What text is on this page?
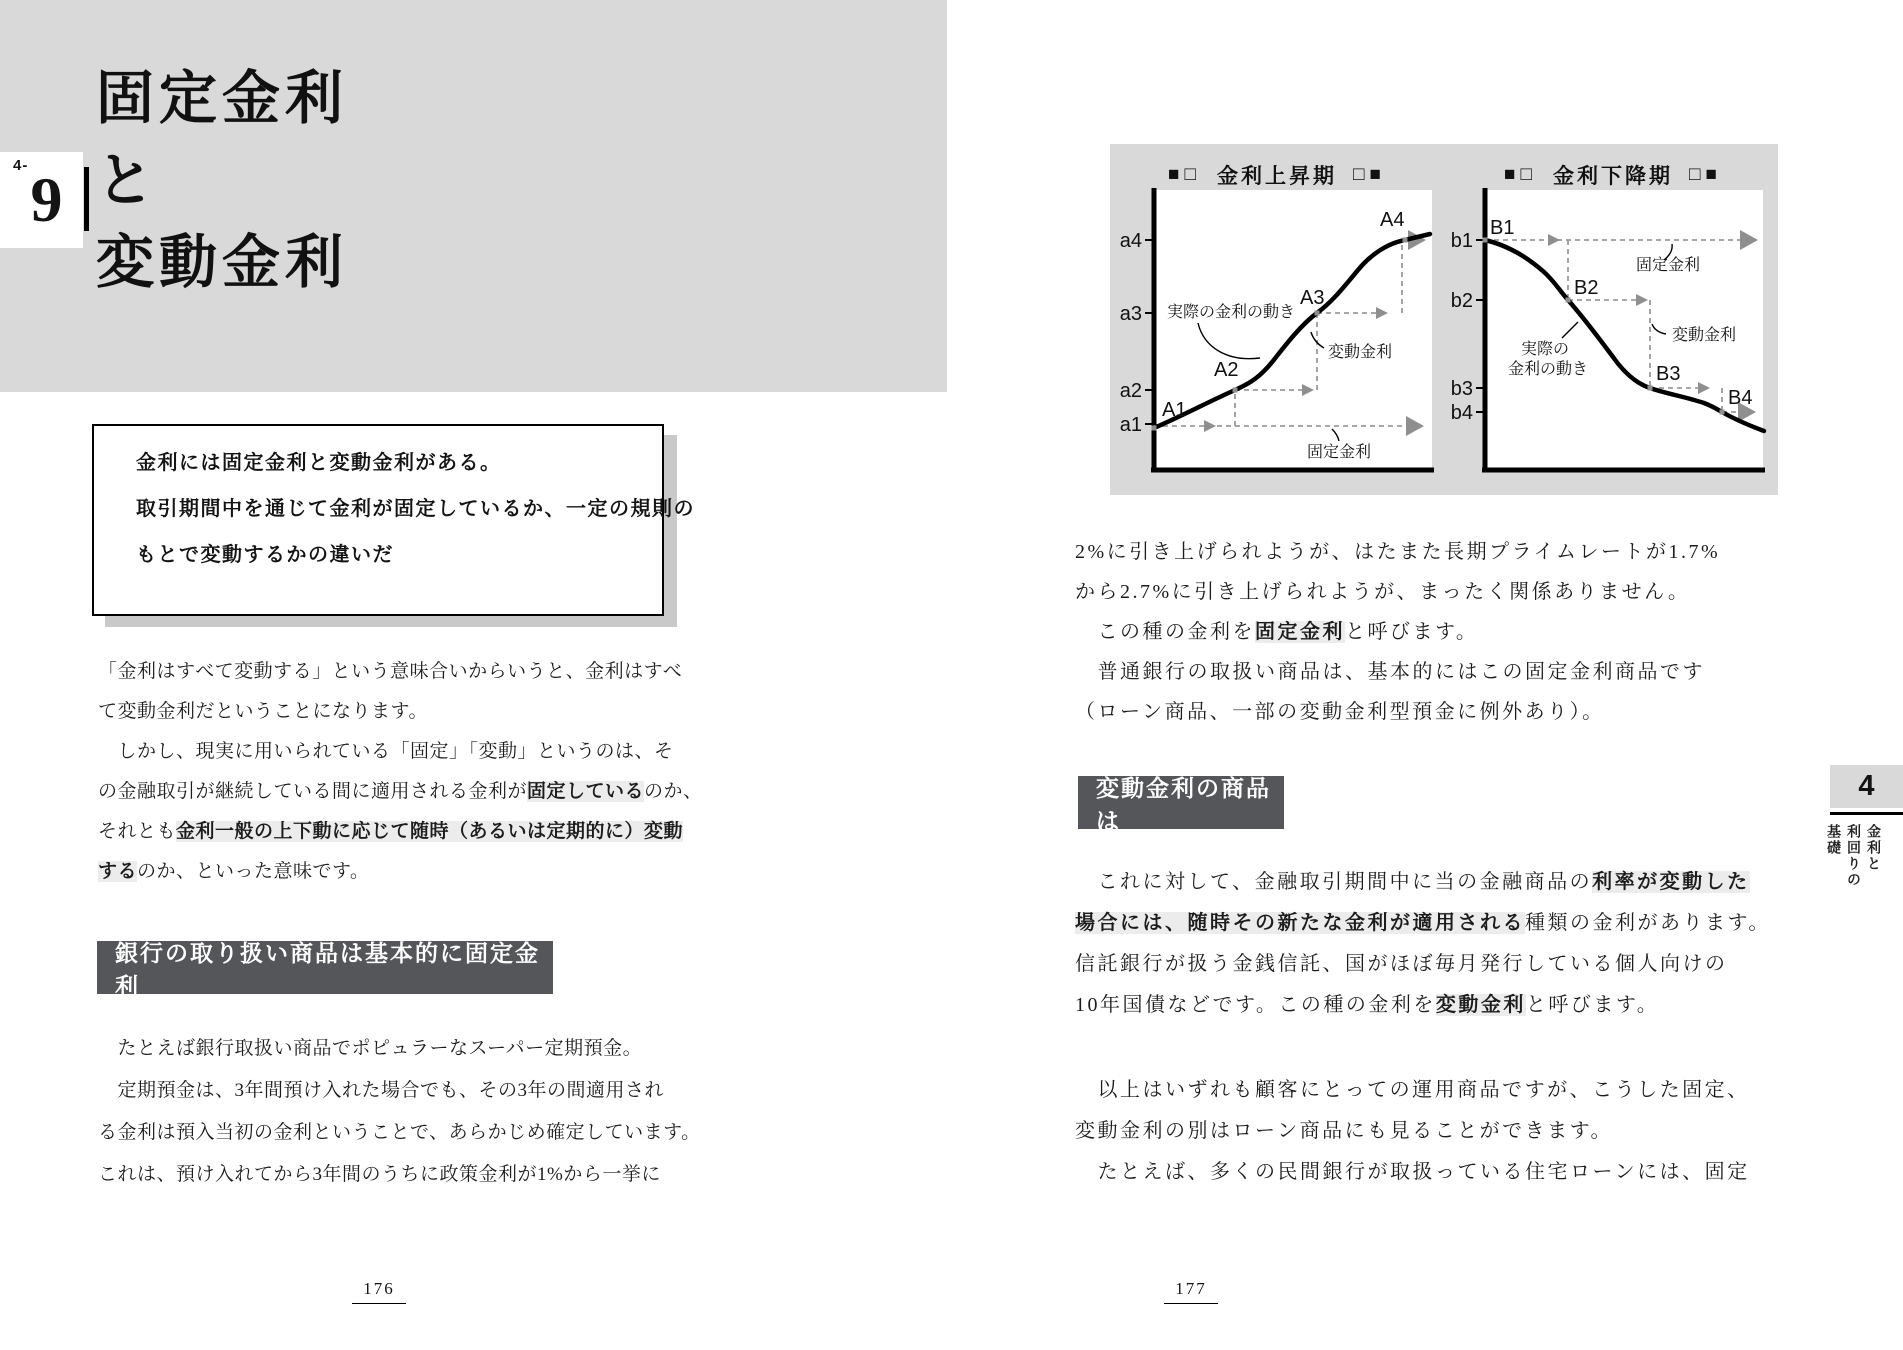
4- 9
固定金利
と
変動金利
金利には固定金利と変動金利がある。
取引期間中を通じて金利が固定しているか、一定の規則の
もとで変動するかの違いだ
「金利はすべて変動する」という意味合いからいうと、金利はすべ
て変動金利だということになります。
　しかし、現実に用いられている「固定」「変動」というのは、そ
の金融取引が継続している間に適用される金利が固定しているのか、
それとも金利一般の上下動に応じて随時（あるいは定期的に）変動
するのか、といった意味です。
銀行の取り扱い商品は基本的に固定金利
　たとえば銀行取扱い商品でポピュラーなスーパー定期預金。
　定期預金は、3年間預け入れた場合でも、その3年の間適用され
る金利は預入当初の金利ということで、あらかじめ確定しています。
これは、預け入れてから3年間のうちに政策金利が1%から一挙に
176
■□ 金利上昇期 □■
a4
a3
a2
a1
A1
A2
A3
A4
実際の金利の動き
変動金利
固定金利
■□ 金利下降期 □■
b1
b2
b3
b4
B1
B2
B3
B4
固定金利
変動金利
実際の
金利の動き
2%に引き上げられようが、はたまた長期プライムレートが1.7%
から2.7%に引き上げられようが、まったく関係ありません。
　この種の金利を固定金利と呼びます。
　普通銀行の取扱い商品は、基本的にはこの固定金利商品です
（ローン商品、一部の変動金利型預金に例外あり）。
変動金利の商品は
　これに対して、金融取引期間中に当の金融商品の利率が変動した
場合には、随時その新たな金利が適用される種類の金利があります。
信託銀行が扱う金銭信託、国がほぼ毎月発行している個人向けの
10年国債などです。この種の金利を変動金利と呼びます。
　以上はいずれも顧客にとっての運用商品ですが、こうした固定、
変動金利の別はローン商品にも見ることができます。
　たとえば、多くの民間銀行が取扱っている住宅ローンには、固定
177
4
金利と
利回りの
基礎
